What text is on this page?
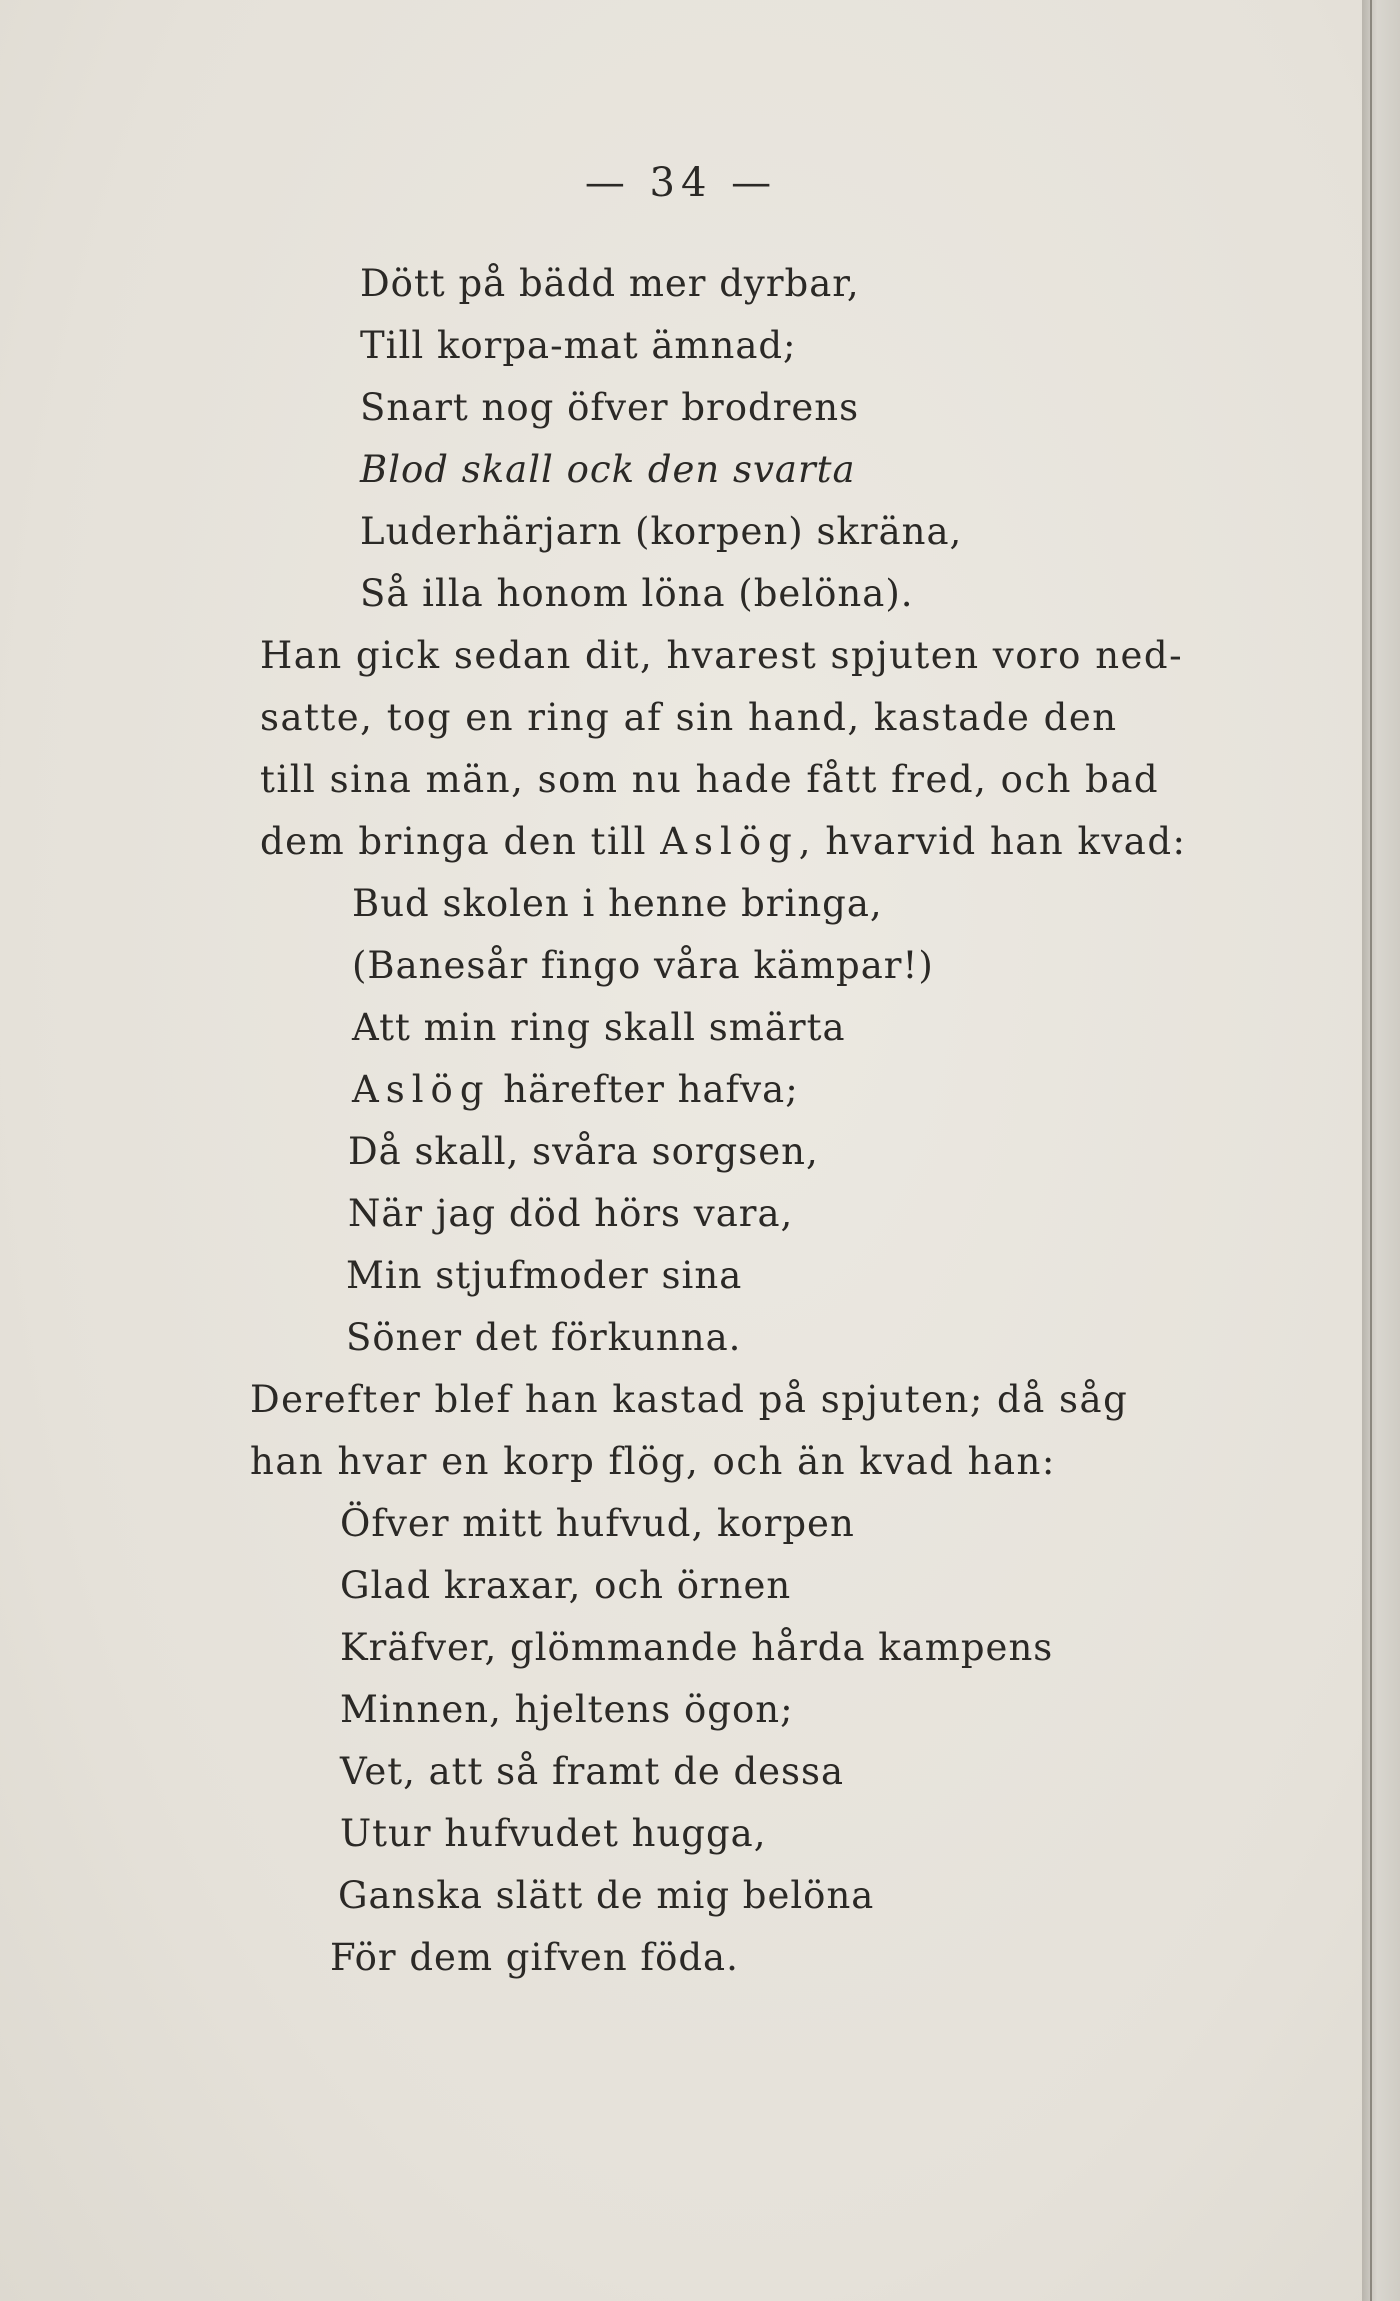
— 34 —
Dött på bädd mer dyrbar,
Till korpa-mat ämnad;
Snart nog öfver brodrens
Blod skall ock den svarta
Luderhärjarn (korpen) skräna,
Så illa honom löna (belöna).
Han gick sedan dit, hvarest spjuten voro ned-
satte, tog en ring af sin hand, kastade den
till sina män, som nu hade fått fred, och bad
dem bringa den till Aslög, hvarvid han kvad:
Bud skolen i henne bringa,
(Banesår fingo våra kämpar!)
Att min ring skall smärta
Aslög härefter hafva;
Då skall, svåra sorgsen,
När jag död hörs vara,
Min stjufmoder sina
Söner det förkunna.
Derefter blef han kastad på spjuten; då såg
han hvar en korp flög, och än kvad han:
Öfver mitt hufvud, korpen
Glad kraxar, och örnen
Kräfver, glömmande hårda kampens
Minnen, hjeltens ögon;
Vet, att så framt de dessa
Utur hufvudet hugga,
Ganska slätt de mig belöna
För dem gifven föda.
